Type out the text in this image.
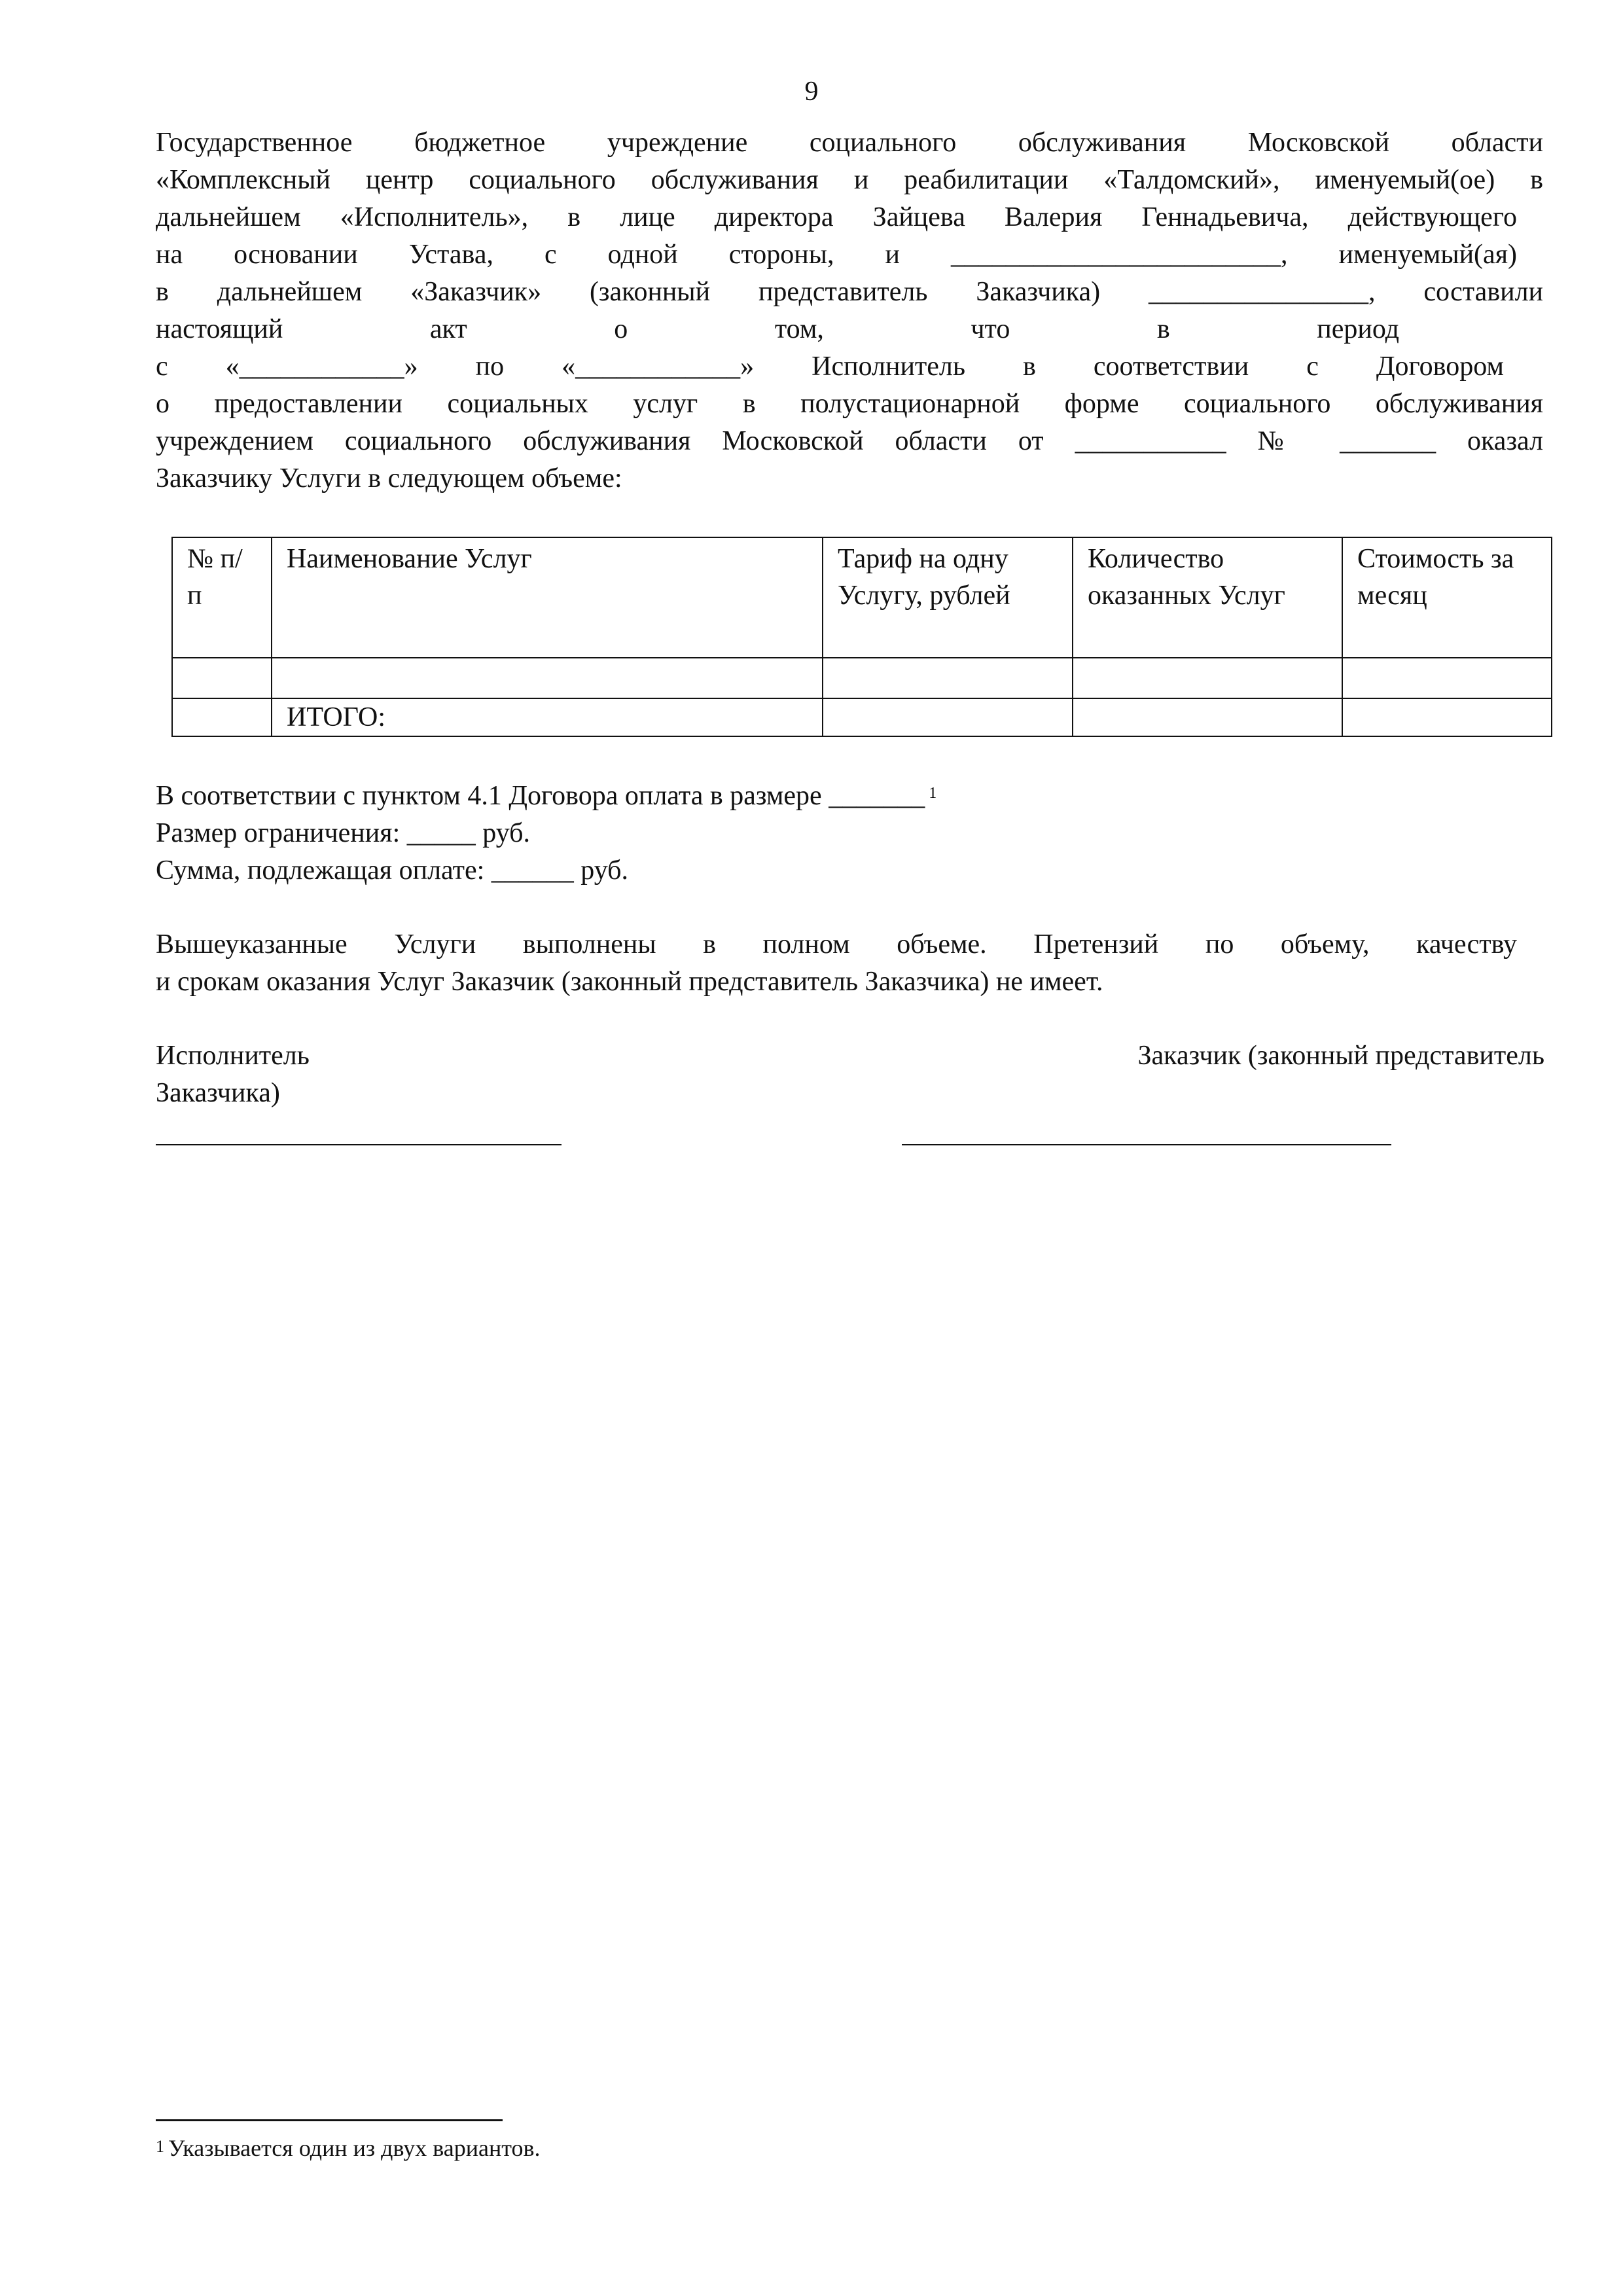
9
Государственное бюджетное учреждение социального обслуживания Московской области
«Комплексный центр социального обслуживания и реабилитации «Талдомский», именуемый(ое) в
дальнейшем «Исполнитель», в лице директора Зайцева Валерия Геннадьевича, действующего
на основании Устава, с одной стороны, и ________________________, именуемый(ая)
в дальнейшем «Заказчик» (законный представитель Заказчика) ________________, составили
настоящий акт о том, что в период
с «____________» по «____________» Исполнитель в соответствии с Договором
о предоставлении социальных услуг в полустационарной форме социального обслуживания
учреждением социального обслуживания Московской области от ___________ № _______ оказал
Заказчику Услуги в следующем объеме:
№ п/ п	Наименование Услуг	Тариф на одну Услугу, рублей	Количество оказанных Услуг	Стоимость за месяц

	ИТОГО:			
В соответствии с пунктом 4.1 Договора оплата в размере _______ $^1$
Размер ограничения: _____ руб.
Сумма, подлежащая оплате: ______ руб.
Вышеуказанные Услуги выполнены в полном объеме. Претензий по объему, качеству
и срокам оказания Услуг Заказчик (законный представитель Заказчика) не имеет.
Исполнитель	Заказчик (законный представитель
Заказчика)
$^1$ Указывается один из двух вариантов.
